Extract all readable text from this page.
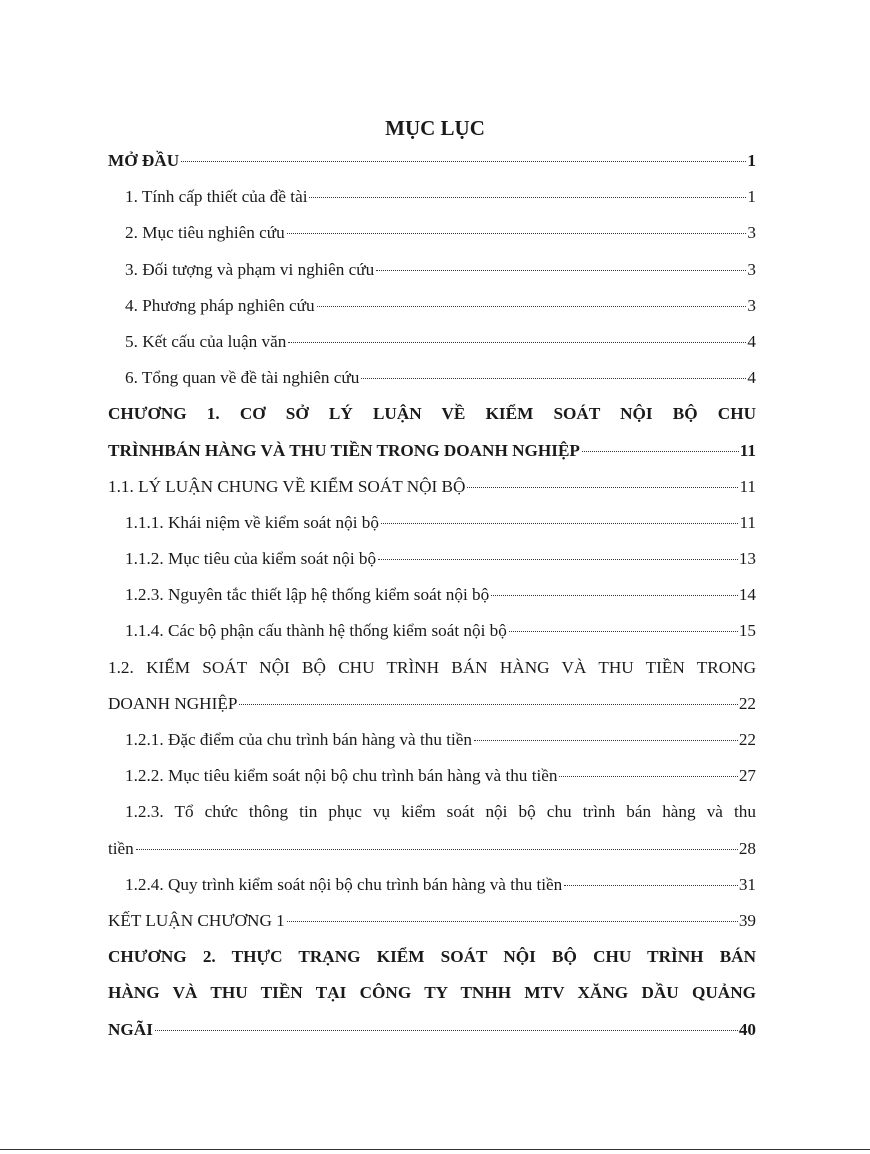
MỤC LỤC
MỞ ĐẦU	1
1. Tính cấp thiết của đề tài	1
2. Mục tiêu nghiên cứu	3
3. Đối tượng và phạm vi nghiên cứu	3
4. Phương pháp nghiên cứu	3
5. Kết cấu của luận văn	4
6. Tổng quan về đề tài nghiên cứu	4
CHƯƠNG 1. CƠ SỞ LÝ LUẬN VỀ KIỂM SOÁT NỘI BỘ CHU
TRÌNHBÁN HÀNG VÀ THU TIỀN TRONG DOANH NGHIỆP	11
1.1. LÝ LUẬN CHUNG VỀ KIỂM SOÁT NỘI BỘ	11
1.1.1. Khái niệm về kiểm soát nội bộ	11
1.1.2. Mục tiêu của kiểm soát nội bộ	13
1.2.3. Nguyên tắc thiết lập hệ thống kiểm soát nội bộ	14
1.1.4. Các bộ phận cấu thành hệ thống kiểm soát nội bộ	15
1.2. KIỂM SOÁT NỘI BỘ CHU TRÌNH BÁN HÀNG VÀ THU TIỀN TRONG
DOANH NGHIỆP	22
1.2.1. Đặc điểm của chu trình bán hàng và thu tiền	22
1.2.2. Mục tiêu kiểm soát nội bộ chu trình bán hàng và thu tiền	27
1.2.3. Tổ chức thông tin phục vụ kiểm soát nội bộ chu trình bán hàng và thu
tiền	28
1.2.4. Quy trình kiểm soát nội bộ chu trình bán hàng và thu tiền	31
KẾT LUẬN CHƯƠNG 1	39
CHƯƠNG 2. THỰC TRẠNG KIỂM SOÁT NỘI BỘ CHU TRÌNH BÁN
HÀNG VÀ THU TIỀN TẠI CÔNG TY TNHH MTV XĂNG DẦU QUẢNG
NGÃI	40
